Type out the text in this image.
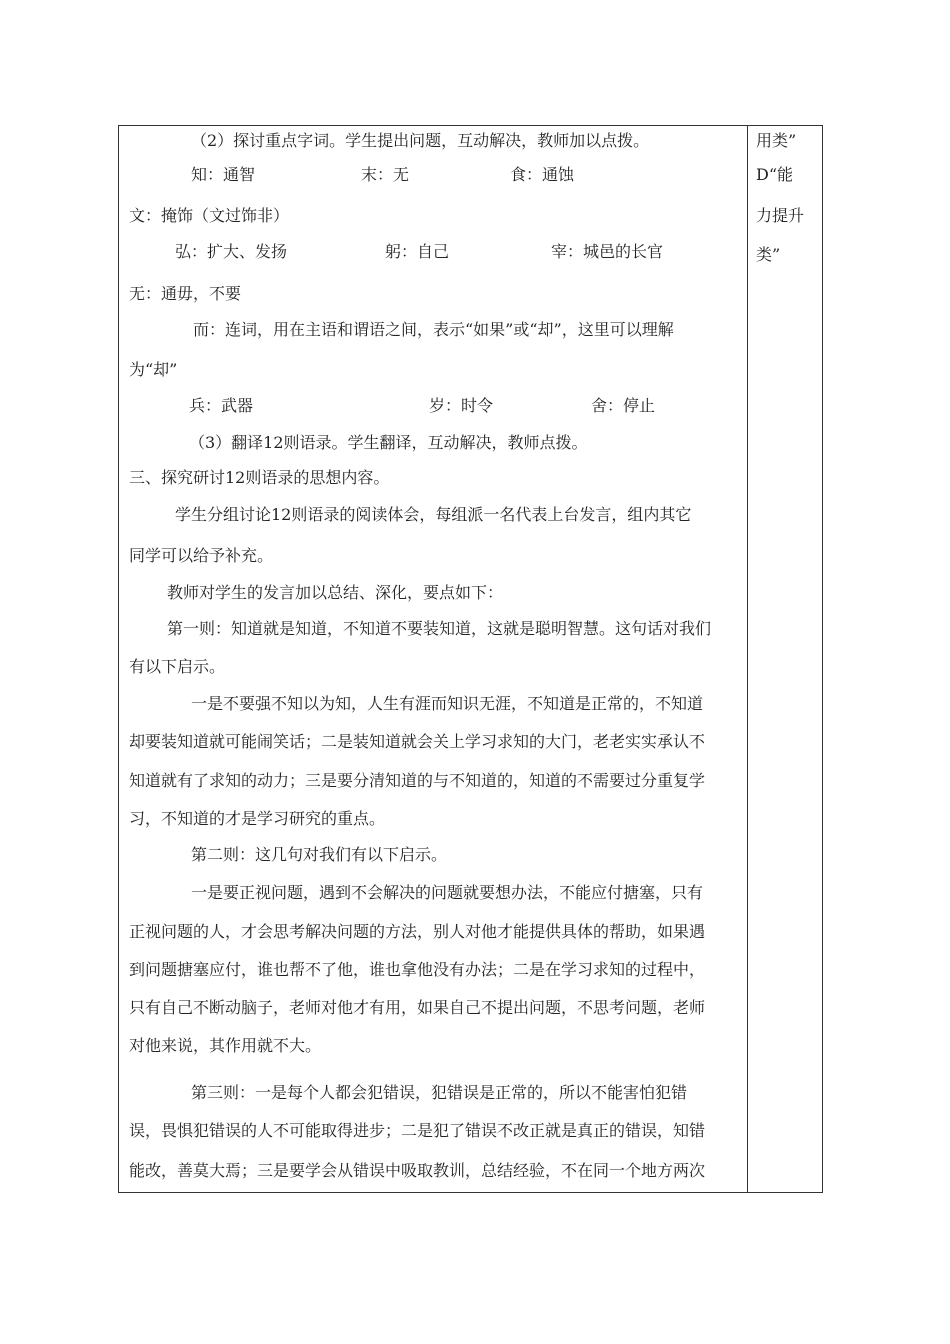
（2）探讨重点字词。学生提出问题，互动解决，教师加以点拨。
知：通智	末：无	食：通蚀
文：掩饰（文过饰非）
弘：扩大、发扬	躬：自己	宰：城邑的长官
无：通毋，不要
而：连词，用在主语和谓语之间，表示“如果”或“却”，这里可以理解
为“却”
兵：武器	岁：时令	舍：停止
（3）翻译12则语录。学生翻译，互动解决，教师点拨。
三、探究研讨12则语录的思想内容。
学生分组讨论12则语录的阅读体会，每组派一名代表上台发言，组内其它
同学可以给予补充。
教师对学生的发言加以总结、深化，要点如下：
第一则：知道就是知道，不知道不要装知道，这就是聪明智慧。这句话对我们
有以下启示。
一是不要强不知以为知，人生有涯而知识无涯，不知道是正常的，不知道
却要装知道就可能闹笑话；二是装知道就会关上学习求知的大门，老老实实承认不
知道就有了求知的动力；三是要分清知道的与不知道的，知道的不需要过分重复学
习，不知道的才是学习研究的重点。
第二则：这几句对我们有以下启示。
一是要正视问题，遇到不会解决的问题就要想办法，不能应付搪塞，只有
正视问题的人，才会思考解决问题的方法，别人对他才能提供具体的帮助，如果遇
到问题搪塞应付，谁也帮不了他，谁也拿他没有办法；二是在学习求知的过程中，
只有自己不断动脑子，老师对他才有用，如果自己不提出问题，不思考问题，老师
对他来说，其作用就不大。
第三则：一是每个人都会犯错误，犯错误是正常的，所以不能害怕犯错
误，畏惧犯错误的人不可能取得进步；二是犯了错误不改正就是真正的错误，知错
能改，善莫大焉；三是要学会从错误中吸取教训，总结经验，不在同一个地方两次
用类”
D“能
力提升
类”
